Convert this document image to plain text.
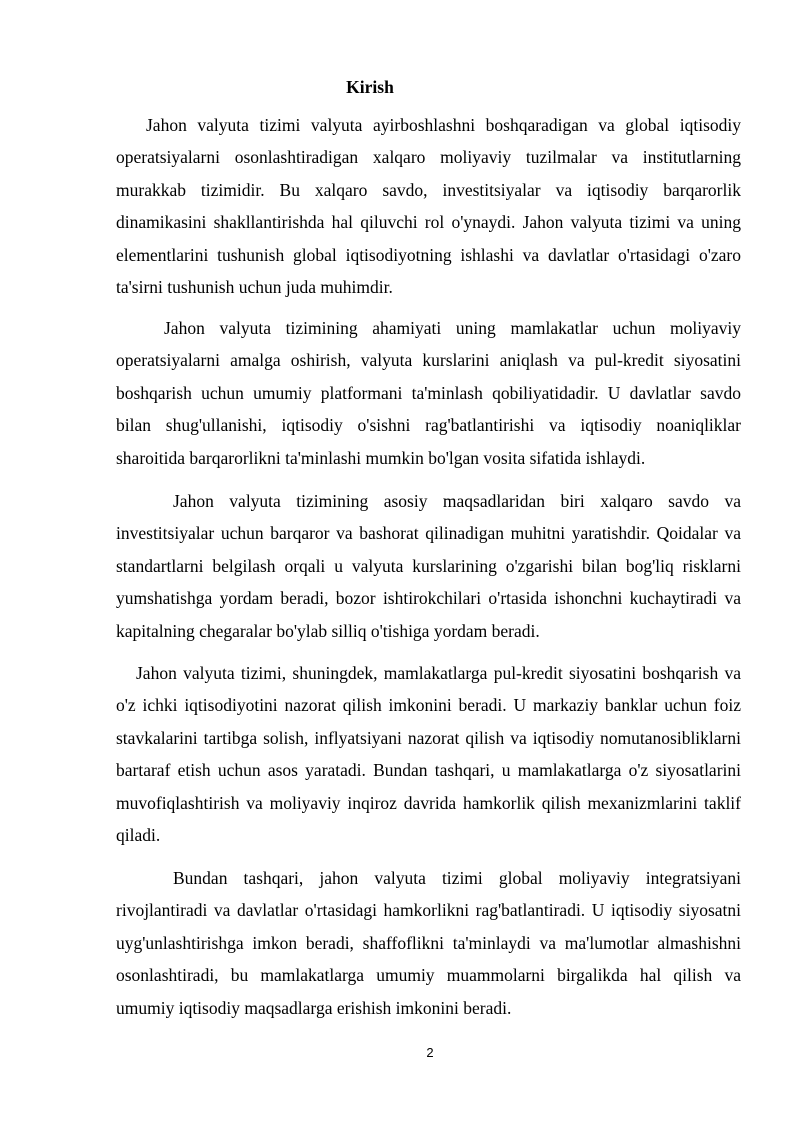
Kirish

Jahon valyuta tizimi valyuta ayirboshlashni boshqaradigan va global iqtisodiy operatsiyalarni osonlashtiradigan xalqaro moliyaviy tuzilmalar va institutlarning murakkab tizimidir. Bu xalqaro savdo, investitsiyalar va iqtisodiy barqarorlik dinamikasini shakllantirishda hal qiluvchi rol o'ynaydi. Jahon valyuta tizimi va uning elementlarini tushunish global iqtisodiyotning ishlashi va davlatlar o'rtasidagi o'zaro ta'sirni tushunish uchun juda muhimdir.

Jahon valyuta tizimining ahamiyati uning mamlakatlar uchun moliyaviy operatsiyalarni amalga oshirish, valyuta kurslarini aniqlash va pul-kredit siyosatini boshqarish uchun umumiy platformani ta'minlash qobiliyatidadir. U davlatlar savdo bilan shug'ullanishi, iqtisodiy o'sishni rag'batlantirishi va iqtisodiy noaniqliklar sharoitida barqarorlikni ta'minlashi mumkin bo'lgan vosita sifatida ishlaydi.

Jahon valyuta tizimining asosiy maqsadlaridan biri xalqaro savdo va investitsiyalar uchun barqaror va bashorat qilinadigan muhitni yaratishdir. Qoidalar va standartlarni belgilash orqali u valyuta kurslarining o'zgarishi bilan bog'liq risklarni yumshatishga yordam beradi, bozor ishtirokchilari o'rtasida ishonchni kuchaytiradi va kapitalning chegaralar bo'ylab silliq o'tishiga yordam beradi.

Jahon valyuta tizimi, shuningdek, mamlakatlarga pul-kredit siyosatini boshqarish va o'z ichki iqtisodiyotini nazorat qilish imkonini beradi. U markaziy banklar uchun foiz stavkalarini tartibga solish, inflyatsiyani nazorat qilish va iqtisodiy nomutanosibliklarni bartaraf etish uchun asos yaratadi. Bundan tashqari, u mamlakatlarga o'z siyosatlarini muvofiqlashtirish va moliyaviy inqiroz davrida hamkorlik qilish mexanizmlarini taklif qiladi.

Bundan tashqari, jahon valyuta tizimi global moliyaviy integratsiyani rivojlantiradi va davlatlar o'rtasidagi hamkorlikni rag'batlantiradi. U iqtisodiy siyosatni uyg'unlashtirishga imkon beradi, shaffoflikni ta'minlaydi va ma'lumotlar almashishni osonlashtiradi, bu mamlakatlarga umumiy muammolarni birgalikda hal qilish va umumiy iqtisodiy maqsadlarga erishish imkonini beradi.

2
